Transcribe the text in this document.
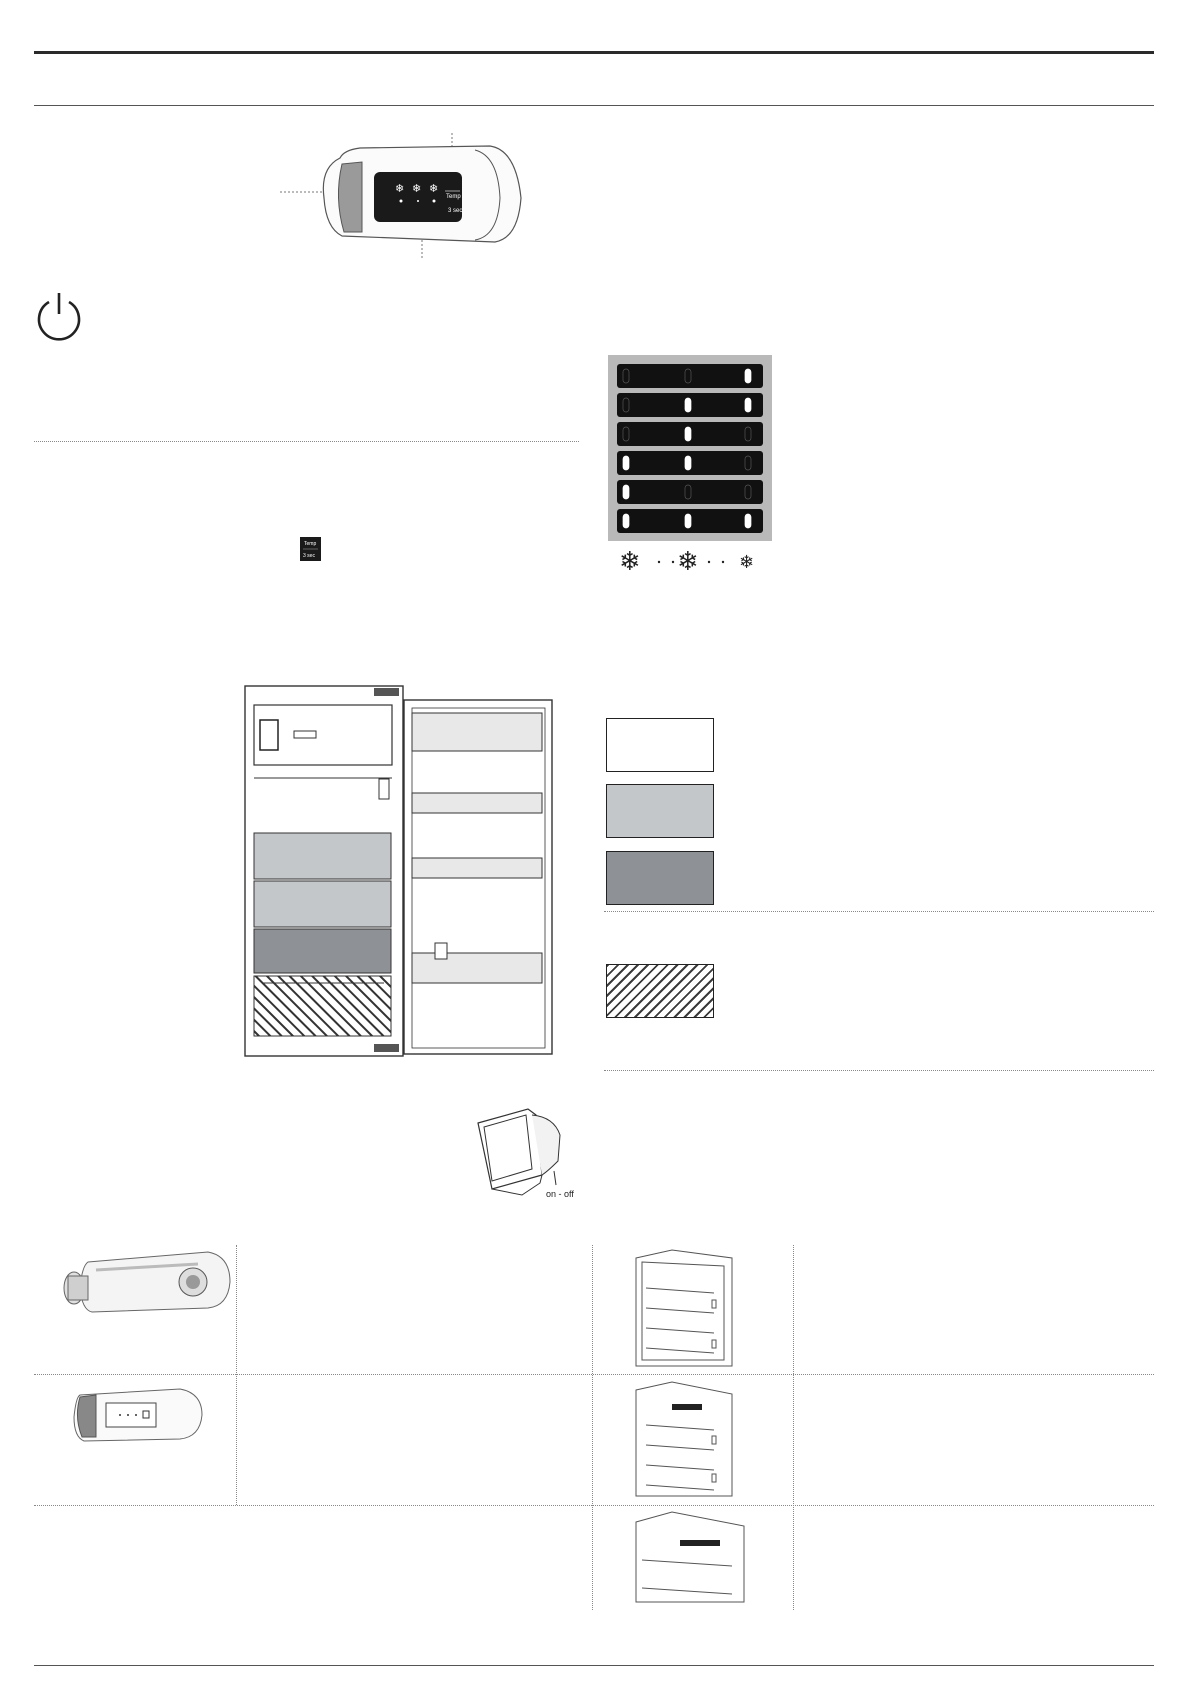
❄ ❄ ❄
Temp
3 sec
Temp
3 sec	❄ ❄ ❄
on - off
